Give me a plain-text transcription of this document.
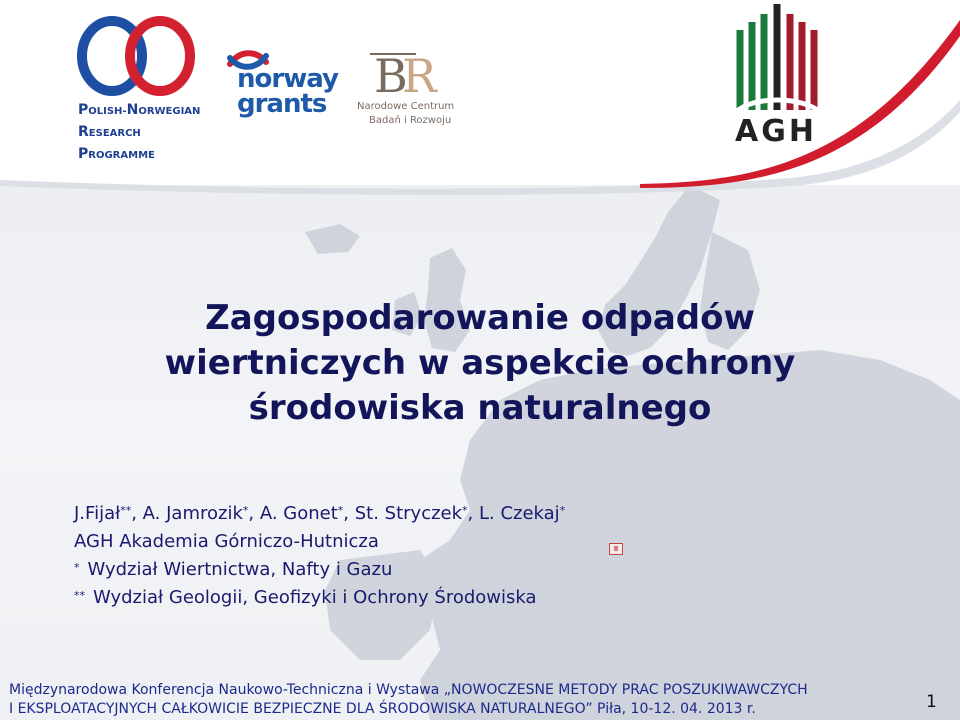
POLISH-NORWEGIAN
RESEARCH
PROGRAMME
norway
grants
B
R
Narodowe Centrum
Badań i Rozwoju	AGH
Zagospodarowanie odpadów
wiertniczych w aspekcie ochrony
środowiska naturalnego
J.Fijał**, A. Jamrozik*, A. Gonet*, St. Stryczek*, L. Czekaj*
AGH Akademia Górniczo-Hutnicza
* Wydział Wiertnictwa, Nafty i Gazu
** Wydział Geologii, Geofizyki i Ochrony Środowiska
Międzynarodowa Konferencja Naukowo-Techniczna i Wystawa „NOWOCZESNE METODY PRAC POSZUKIWAWCZYCH
I EKSPLOATACYJNYCH CAŁKOWICIE BEZPIECZNE DLA ŚRODOWISKA NATURALNEGO” Piła, 10-12. 04. 2013 r.	1
